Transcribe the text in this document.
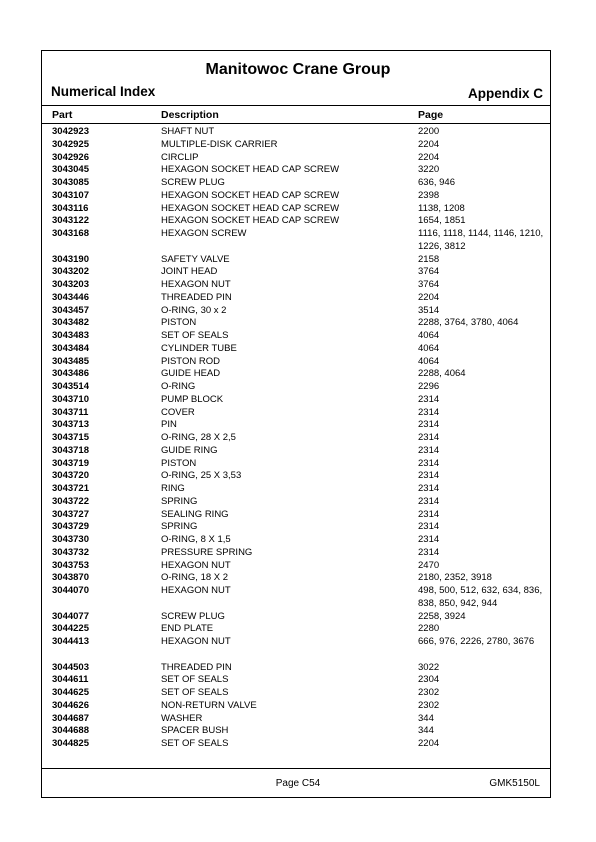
Manitowoc Crane Group
Numerical Index	Appendix C
Part	Description	Page
3042923	SHAFT NUT	2200
3042925	MULTIPLE-DISK CARRIER	2204
3042926	CIRCLIP	2204
3043045	HEXAGON SOCKET HEAD CAP SCREW	3220
3043085	SCREW PLUG	636, 946
3043107	HEXAGON SOCKET HEAD CAP SCREW	2398
3043116	HEXAGON SOCKET HEAD CAP SCREW	1138, 1208
3043122	HEXAGON SOCKET HEAD CAP SCREW	1654, 1851
3043168	HEXAGON SCREW	1116, 1118, 1144, 1146, 1210, 1226, 3812
3043190	SAFETY VALVE	2158
3043202	JOINT HEAD	3764
3043203	HEXAGON NUT	3764
3043446	THREADED PIN	2204
3043457	O-RING, 30 x 2	3514
3043482	PISTON	2288, 3764, 3780, 4064
3043483	SET OF SEALS	4064
3043484	CYLINDER TUBE	4064
3043485	PISTON ROD	4064
3043486	GUIDE HEAD	2288, 4064
3043514	O-RING	2296
3043710	PUMP BLOCK	2314
3043711	COVER	2314
3043713	PIN	2314
3043715	O-RING, 28 X 2,5	2314
3043718	GUIDE RING	2314
3043719	PISTON	2314
3043720	O-RING, 25 X 3,53	2314
3043721	RING	2314
3043722	SPRING	2314
3043727	SEALING RING	2314
3043729	SPRING	2314
3043730	O-RING, 8 X 1,5	2314
3043732	PRESSURE SPRING	2314
3043753	HEXAGON NUT	2470
3043870	O-RING, 18 X 2	2180, 2352, 3918
3044070	HEXAGON NUT	498, 500, 512, 632, 634, 836, 838, 850, 942, 944
3044077	SCREW PLUG	2258, 3924
3044225	END PLATE	2280
3044413	HEXAGON NUT	666, 976, 2226, 2780, 3676
3044503	THREADED PIN	3022
3044611	SET OF SEALS	2304
3044625	SET OF SEALS	2302
3044626	NON-RETURN VALVE	2302
3044687	WASHER	344
3044688	SPACER BUSH	344
3044825	SET OF SEALS	2204
Page C54	GMK5150L
